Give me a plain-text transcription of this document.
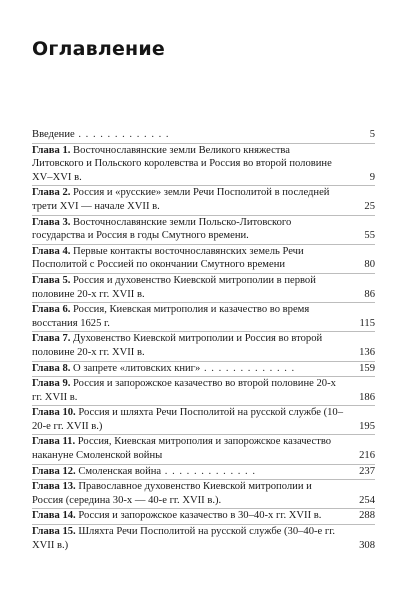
Оглавление
Введение . . . . . . . . . . . . .	5
Глава 1. Восточнославянские земли Великого княжества Литовского и Польского королевства и Россия во второй половине XV–XVI в.	9
Глава 2. Россия и «русские» земли Речи Посполитой в последней трети XVI — начале XVII в.	25
Глава 3. Восточнославянские земли Польско-Литовского государства и Россия в годы Смутного времени.	55
Глава 4. Первые контакты восточнославянских земель Речи Посполитой с Россией по окончании Смутного времени	80
Глава 5. Россия и духовенство Киевской митрополии в первой половине 20-х гг. XVII в.	86
Глава 6. Россия, Киевская митрополия и казачество во время восстания 1625 г.	115
Глава 7. Духовенство Киевской митрополии и Россия во второй половине 20-х гг. XVII в.	136
Глава 8. О запрете «литовских книг» . . . . . . . . . . . . .	159
Глава 9. Россия и запорожское казачество во второй половине 20-х гг. XVII в.	186
Глава 10. Россия и шляхта Речи Посполитой на русской службе (10–20-е гг. XVII в.)	195
Глава 11. Россия, Киевская митрополия и запорожское казачество накануне Смоленской войны	216
Глава 12. Смоленская война . . . . . . . . . . . . .	237
Глава 13. Православное духовенство Киевской митрополии и Россия (середина 30-х — 40-е гг. XVII в.).	254
Глава 14. Россия и запорожское казачество в 30–40-х гг. XVII в.	288
Глава 15. Шляхта Речи Посполитой на русской службе (30–40-е гг. XVII в.)	308
